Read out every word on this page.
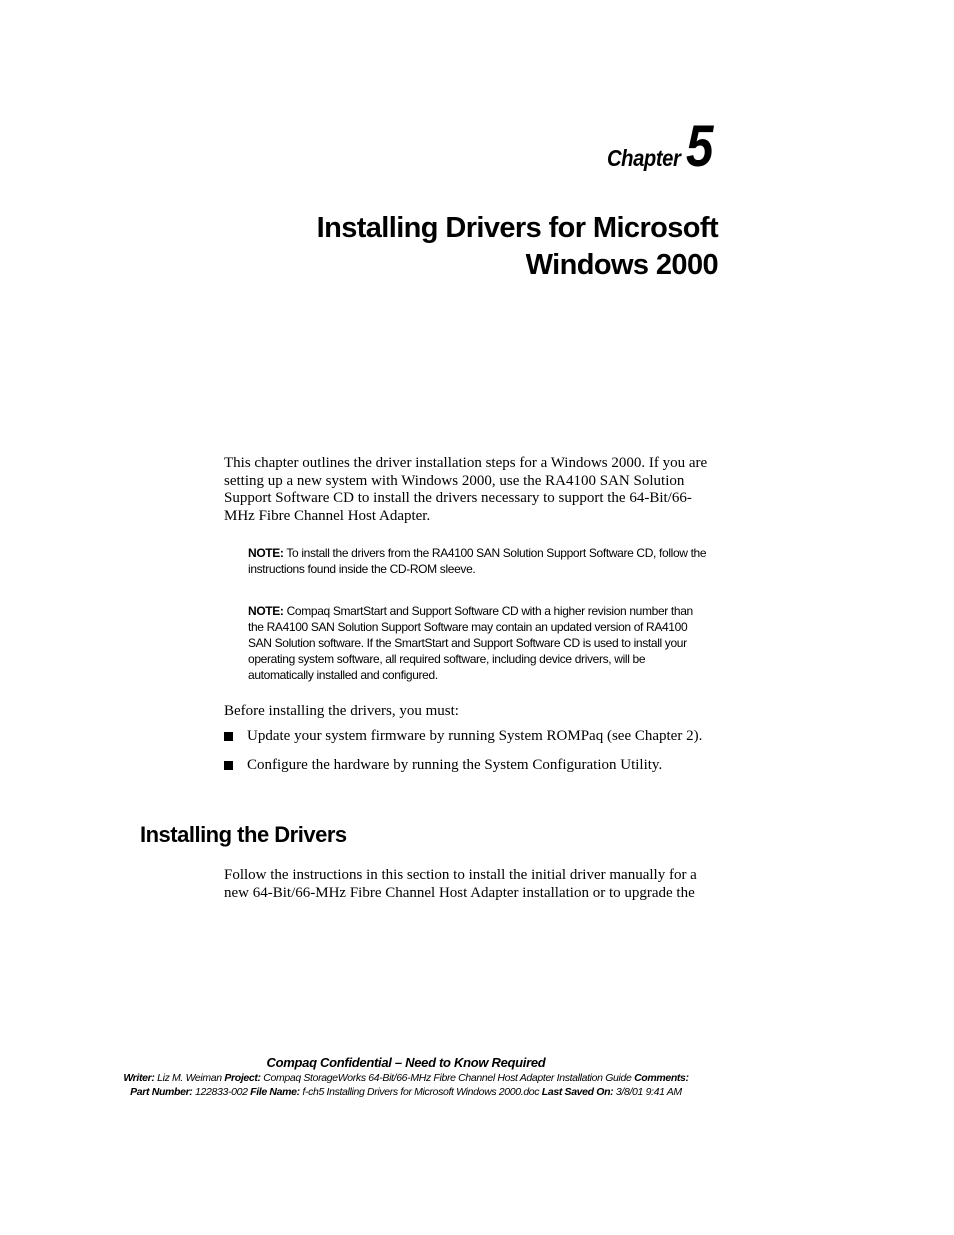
Chapter 5
Installing Drivers for Microsoft
Windows 2000

This chapter outlines the driver installation steps for a Windows 2000. If you are setting up a new system with Windows 2000, use the RA4100 SAN Solution Support Software CD to install the drivers necessary to support the 64-Bit/66-MHz Fibre Channel Host Adapter.

NOTE: To install the drivers from the RA4100 SAN Solution Support Software CD, follow the instructions found inside the CD-ROM sleeve.

NOTE: Compaq SmartStart and Support Software CD with a higher revision number than the RA4100 SAN Solution Support Software may contain an updated version of RA4100 SAN Solution software. If the SmartStart and Support Software CD is used to install your operating system software, all required software, including device drivers, will be automatically installed and configured.

Before installing the drivers, you must:

Update your system firmware by running System ROMPaq (see Chapter 2).
Configure the hardware by running the System Configuration Utility.
Installing the Drivers

Follow the instructions in this section to install the initial driver manually for a new 64-Bit/66-MHz Fibre Channel Host Adapter installation or to upgrade the

Compaq Confidential – Need to Know Required
Writer: Liz M. Weiman Project: Compaq StorageWorks 64-Bit/66-MHz Fibre Channel Host Adapter Installation Guide Comments:
Part Number: 122833-002 File Name: f-ch5 Installing Drivers for Microsoft Windows 2000.doc Last Saved On: 3/8/01 9:41 AM
